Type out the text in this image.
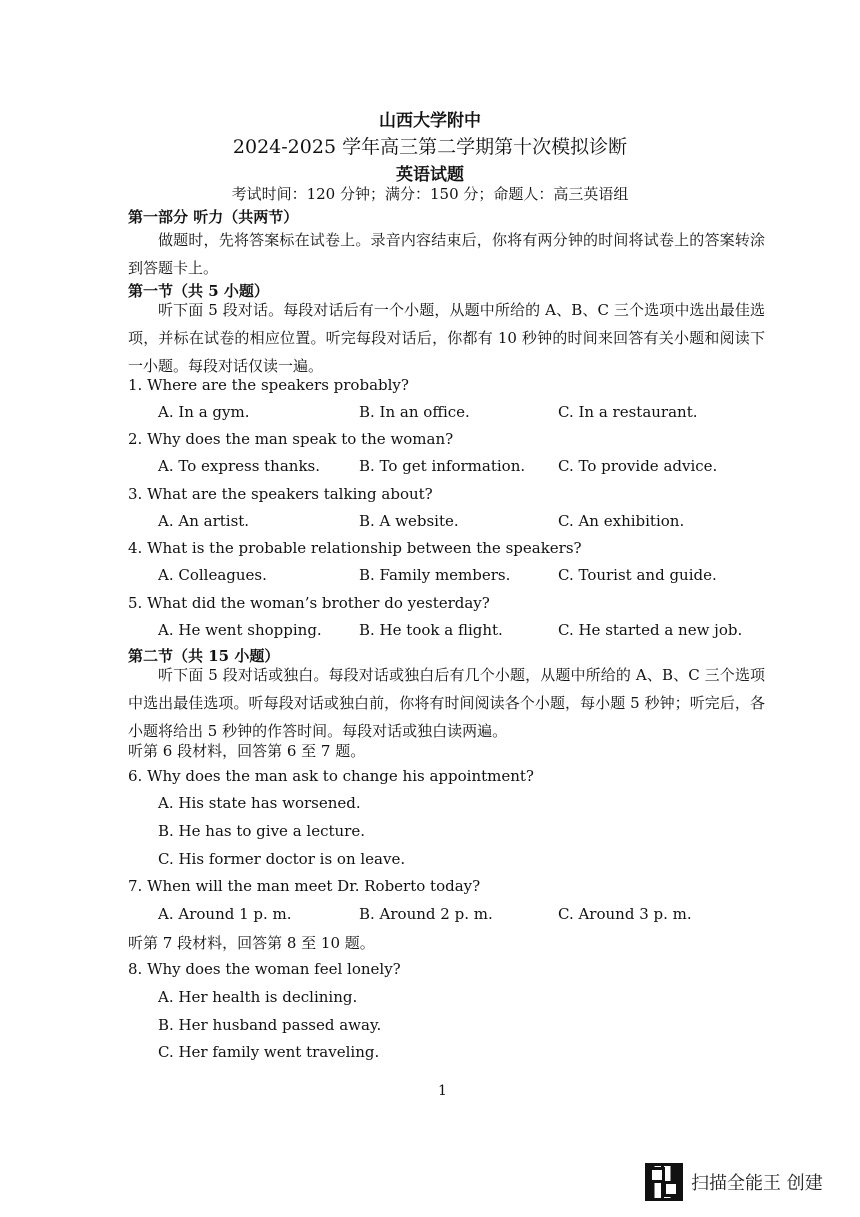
山西大学附中
2024-2025 学年高三第二学期第十次模拟诊断
英语试题
考试时间：120 分钟；满分：150 分；命题人：高三英语组
第一部分 听力（共两节）
做题时，先将答案标在试卷上。录音内容结束后，你将有两分钟的时间将试卷上的答案转涂到答题卡上。
第一节（共 5 小题）
听下面 5 段对话。每段对话后有一个小题，从题中所给的 A、B、C 三个选项中选出最佳选项，并标在试卷的相应位置。听完每段对话后，你都有 10 秒钟的时间来回答有关小题和阅读下一小题。每段对话仅读一遍。
1. Where are the speakers probably?
A. In a gym.	B. In an office.	C. In a restaurant.
2. Why does the man speak to the woman?
A. To express thanks.	B. To get information. C. To provide advice.
3. What are the speakers talking about?
A. An artist.	B. A website.	C. An exhibition.
4. What is the probable relationship between the speakers?
A. Colleagues.	B. Family members.	C. Tourist and guide.
5. What did the woman’s brother do yesterday?
A. He went shopping. B. He took a flight.	C. He started a new job.
第二节（共 15 小题）
听下面 5 段对话或独白。每段对话或独白后有几个小题，从题中所给的 A、B、C 三个选项中选出最佳选项。听每段对话或独白前，你将有时间阅读各个小题，每小题 5 秒钟；听完后，各小题将给出 5 秒钟的作答时间。每段对话或独白读两遍。
听第 6 段材料，回答第 6 至 7 题。
6. Why does the man ask to change his appointment?
A. His state has worsened.
B. He has to give a lecture.
C. His former doctor is on leave.
7. When will the man meet Dr. Roberto today?
A. Around 1 p. m.	B. Around 2 p. m.	C. Around 3 p. m.
听第 7 段材料，回答第 8 至 10 题。
8. Why does the woman feel lonely?
A. Her health is declining.
B. Her husband passed away.
C. Her family went traveling.
1
扫描全能王 创建
